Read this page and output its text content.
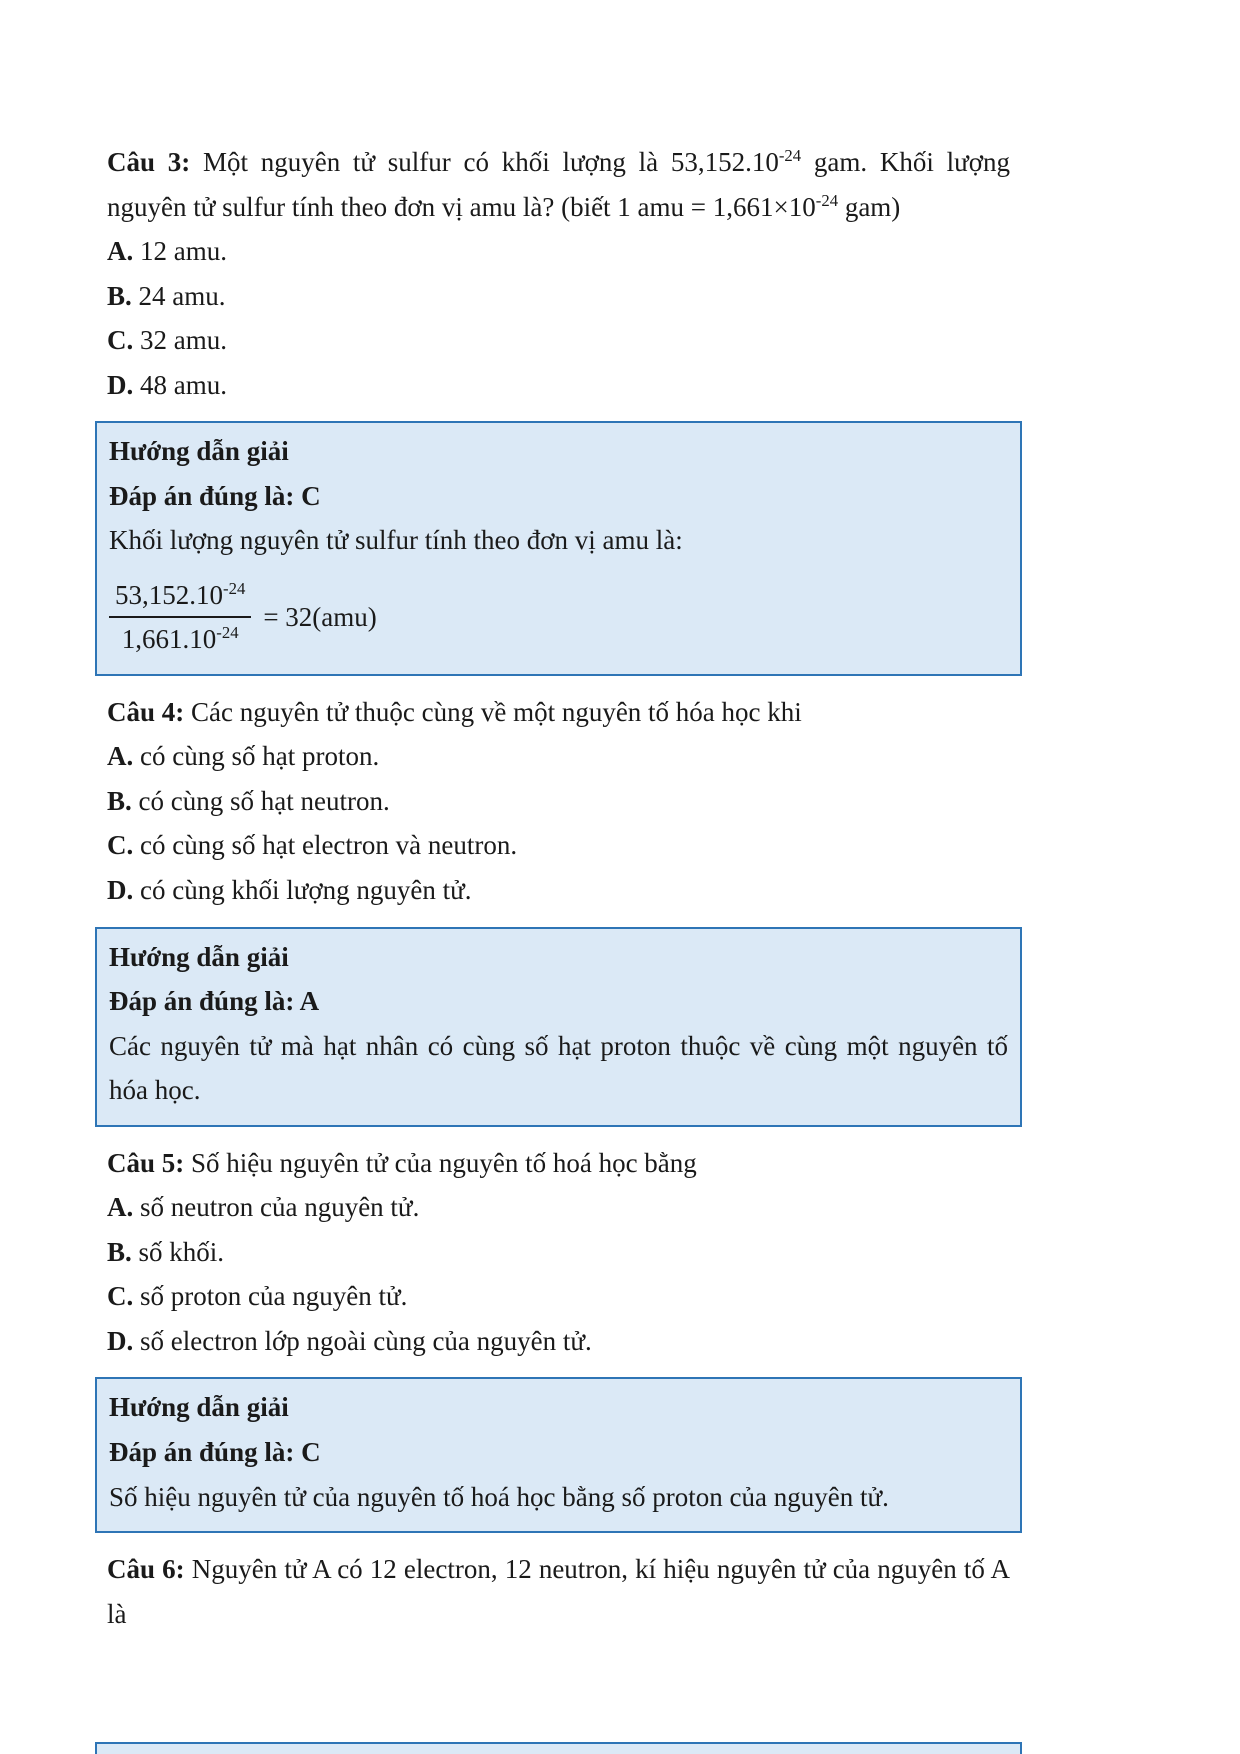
Câu 3: Một nguyên tử sulfur có khối lượng là $53,152.10^{-24}$ gam. Khối lượng nguyên tử sulfur tính theo đơn vị amu là? (biết 1 amu = $1,661\times 10^{-24}$ gam)

A. 12 amu.

B. 24 amu.

C. 32 amu.

D. 48 amu.

Hướng dẫn giải

Đáp án đúng là: C

Khối lượng nguyên tử sulfur tính theo đơn vị amu là:

$\frac{53,152.10^{-24}}{1,661.10^{-24}} = 32(amu)$

Câu 4: Các nguyên tử thuộc cùng về một nguyên tố hóa học khi

A. có cùng số hạt proton.

B. có cùng số hạt neutron.

C. có cùng số hạt electron và neutron.

D. có cùng khối lượng nguyên tử.

Hướng dẫn giải

Đáp án đúng là: A

Các nguyên tử mà hạt nhân có cùng số hạt proton thuộc về cùng một nguyên tố hóa học.

Câu 5: Số hiệu nguyên tử của nguyên tố hoá học bằng

A. số neutron của nguyên tử.

B. số khối.

C. số proton của nguyên tử.

D. số electron lớp ngoài cùng của nguyên tử.

Hướng dẫn giải

Đáp án đúng là: C

Số hiệu nguyên tử của nguyên tố hoá học bằng số proton của nguyên tử.

Câu 6: Nguyên tử A có 12 electron, 12 neutron, kí hiệu nguyên tử của nguyên tố A là
